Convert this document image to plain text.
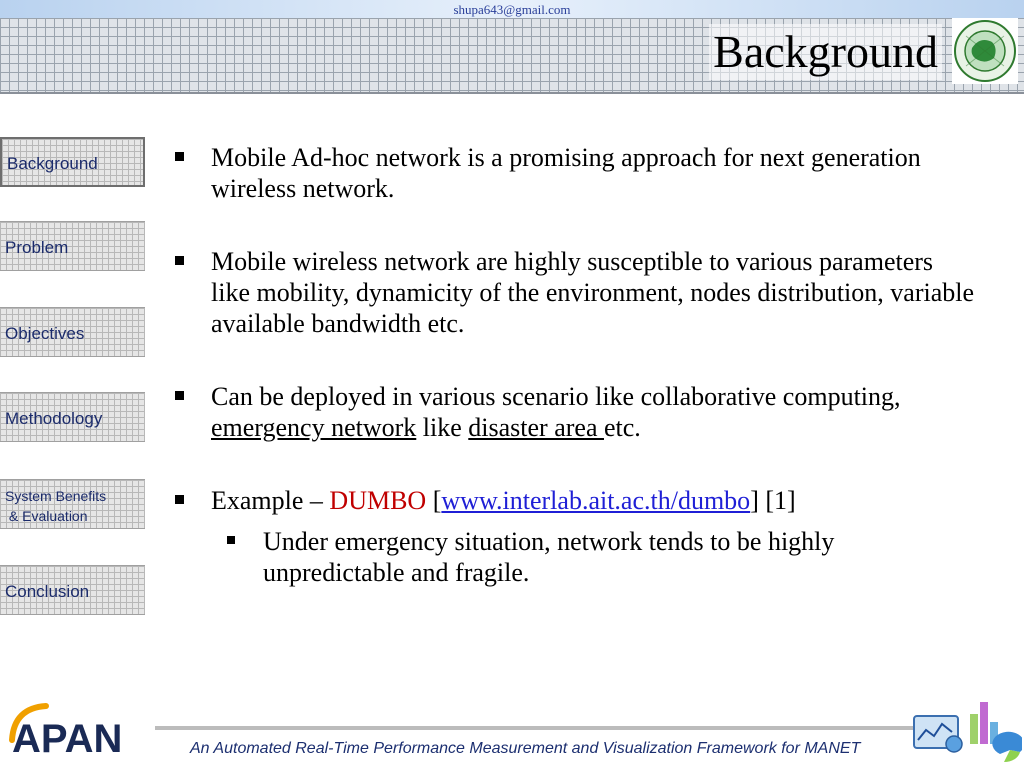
shupa643@gmail.com
Background
Background
Problem
Objectives
Methodology
System Benefits
& Evaluation
Conclusion
Mobile Ad-hoc network is a promising approach for next generation wireless network.
Mobile wireless network are highly susceptible to various parameters like mobility, dynamicity of the environment, nodes distribution, variable available bandwidth etc.
Can be deployed in various scenario like collaborative computing, emergency network like disaster area etc.
Example – DUMBO [www.interlab.ait.ac.th/dumbo] [1]
Under emergency situation, network tends to be highly unpredictable and fragile.
APAN	An Automated Real-Time Performance Measurement and Visualization Framework for MANET
